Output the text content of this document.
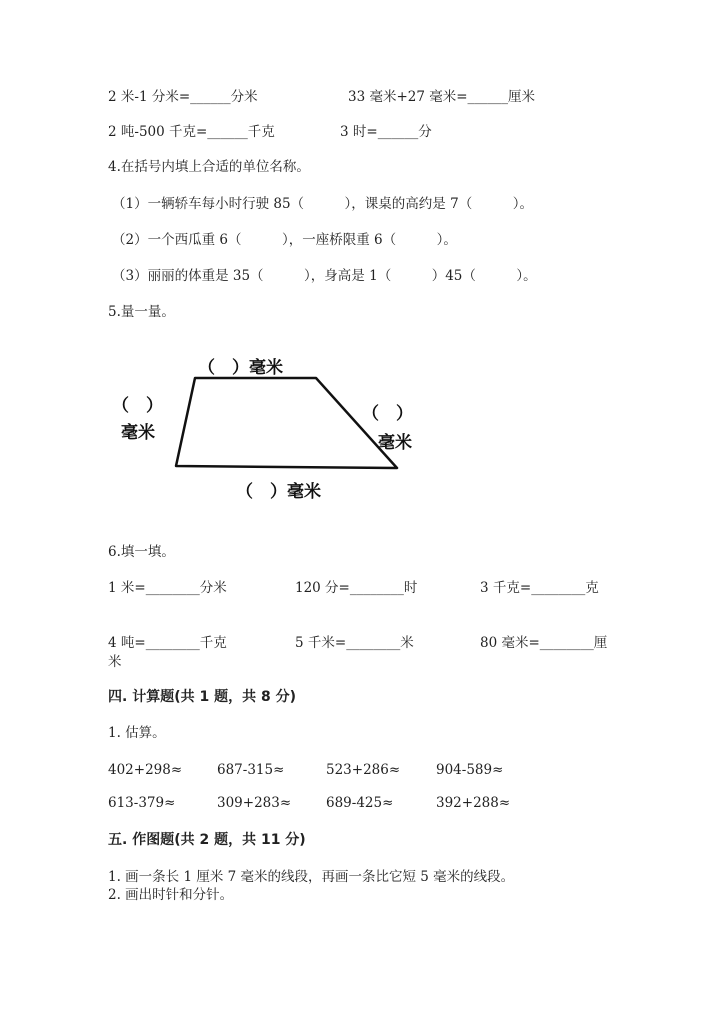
2 米-1 分米=______分米	33 毫米+27 毫米=______厘米
2 吨-500 千克=______千克	3 时=______分
4.在括号内填上合适的单位名称。
（1）一辆轿车每小时行驶 85（　　　），课桌的高约是 7（　　　）。
（2）一个西瓜重 6（　　　），一座桥限重 6（　　　）。
（3）丽丽的体重是 35（　　　），身高是 1（　　　）45（　　　）。
5.量一量。
（　）毫米
（　）
毫米
（　）
毫米
（　）毫米
6.填一填。
1 米=________分米	120 分=________时	3 千克=________克
4 吨=________千克	5 千米=________米	80 毫米=________厘
米
四. 计算题(共 1 题，共 8 分)
1. 估算。
402+298≈	687-315≈	523+286≈	904-589≈
613-379≈	309+283≈	689-425≈	392+288≈
五. 作图题(共 2 题，共 11 分)
1. 画一条长 1 厘米 7 毫米的线段，再画一条比它短 5 毫米的线段。
2. 画出时针和分针。
